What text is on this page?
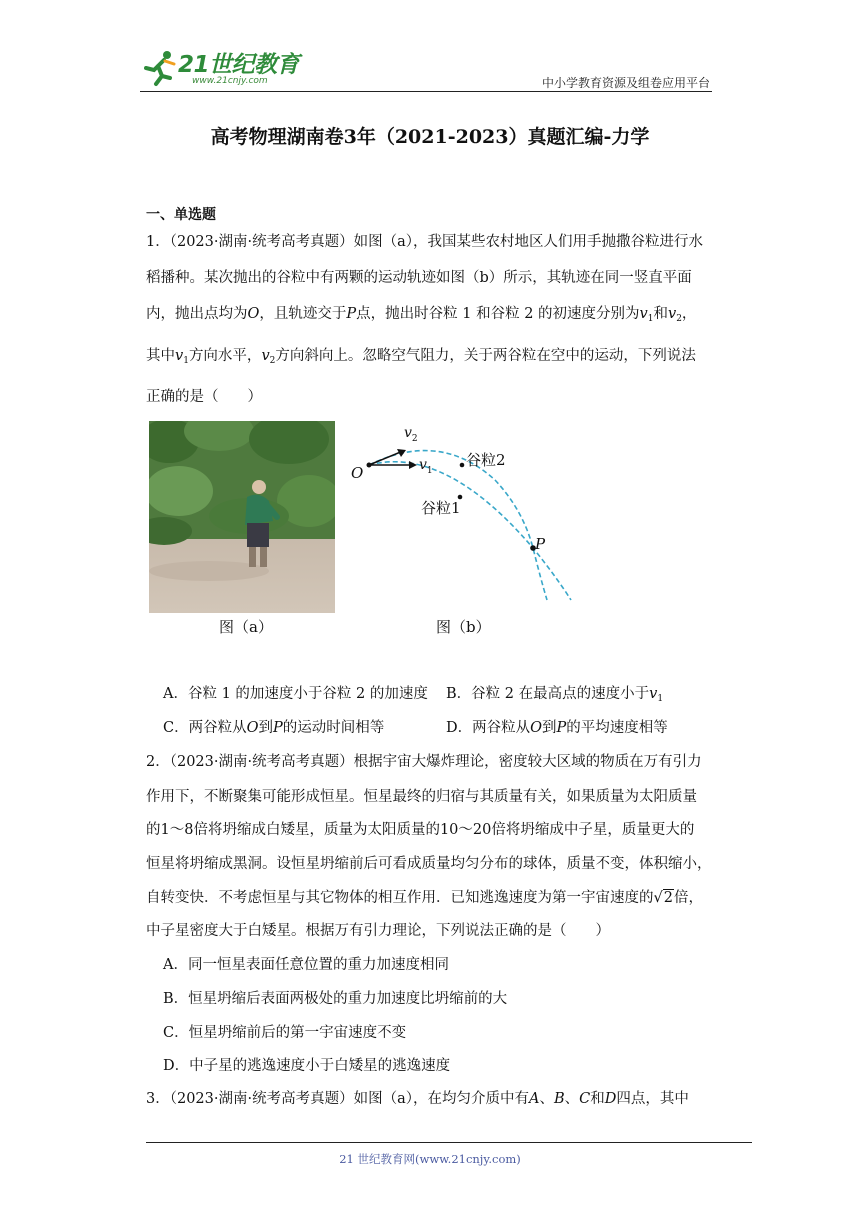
21世纪教育
www.21cnjy.com	中小学教育资源及组卷应用平台
高考物理湖南卷3年（2021-2023）真题汇编-力学
一、单选题
1．（2023·湖南·统考高考真题）如图（a），我国某些农村地区人们用手抛撒谷粒进行水
稻播种。某次抛出的谷粒中有两颗的运动轨迹如图（b）所示，其轨迹在同一竖直平面
内，抛出点均为O，且轨迹交于P点，抛出时谷粒 1 和谷粒 2 的初速度分别为$v_1$和$v_2$，
其中$v_1$方向水平，$v_2$方向斜向上。忽略空气阻力，关于两谷粒在空中的运动，下列说法
正确的是（　　）
图（a）
O
P
$v_2$
$v_1$
谷粒2
谷粒1
图（b）
A．谷粒 1 的加速度小于谷粒 2 的加速度 B．谷粒 2 在最高点的速度小于$v_1$
C．两谷粒从O到P的运动时间相等	D．两谷粒从O到P的平均速度相等
2．（2023·湖南·统考高考真题）根据宇宙大爆炸理论，密度较大区域的物质在万有引力
作用下，不断聚集可能形成恒星。恒星最终的归宿与其质量有关，如果质量为太阳质量
的1～8倍将坍缩成白矮星，质量为太阳质量的10～20倍将坍缩成中子星，质量更大的
恒星将坍缩成黑洞。设恒星坍缩前后可看成质量均匀分布的球体，质量不变，体积缩小，
自转变快．不考虑恒星与其它物体的相互作用．已知逃逸速度为第一宇宙速度的√2倍，
中子星密度大于白矮星。根据万有引力理论，下列说法正确的是（　　）
A．同一恒星表面任意位置的重力加速度相同
B．恒星坍缩后表面两极处的重力加速度比坍缩前的大
C．恒星坍缩前后的第一宇宙速度不变
D．中子星的逃逸速度小于白矮星的逃逸速度
3．（2023·湖南·统考高考真题）如图（a），在均匀介质中有A、B、C和D四点，其中
21 世纪教育网(www.21cnjy.com)
